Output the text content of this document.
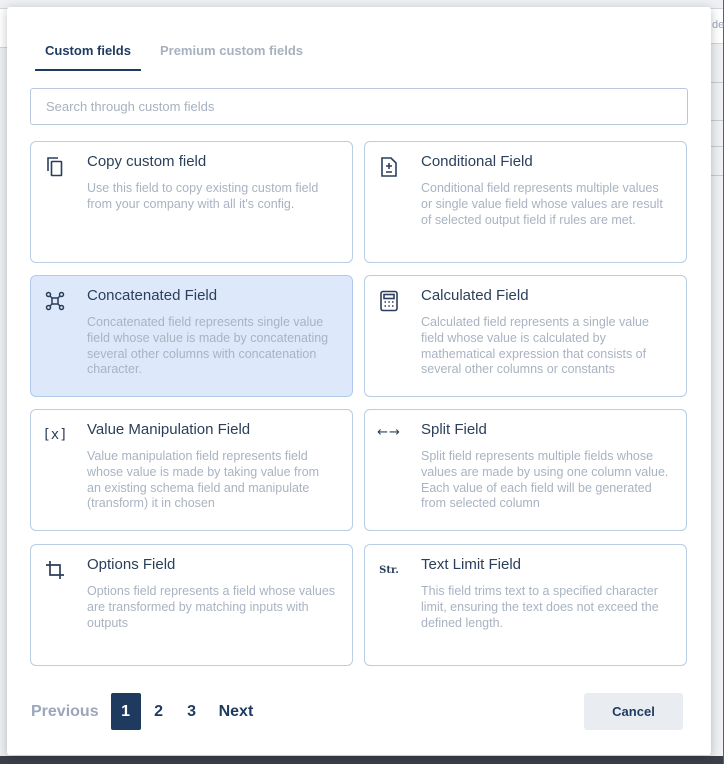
de
Custom fields	Premium custom fields
Search through custom fields
Copy custom field
Use this field to copy existing custom field from your company with all it's config.
Conditional Field
Conditional field represents multiple values or single value field whose values are result of selected output field if rules are met.
Concatenated Field
Concatenated field represents single value field whose value is made by concatenating several other columns with concatenation character.
Calculated Field
Calculated field represents a single value field whose value is calculated by mathematical expression that consists of several other columns or constants
[x] Value Manipulation Field
Value manipulation field represents field whose value is made by taking value from an existing schema field and manipulate (transform) it in chosen
←→ Split Field
Split field represents multiple fields whose values are made by using one column value. Each value of each field will be generated from selected column
Options Field
Options field represents a field whose values are transformed by matching inputs with outputs
Str. Text Limit Field
This field trims text to a specified character limit, ensuring the text does not exceed the defined length.
Previous	1	2	3	Next	Cancel
